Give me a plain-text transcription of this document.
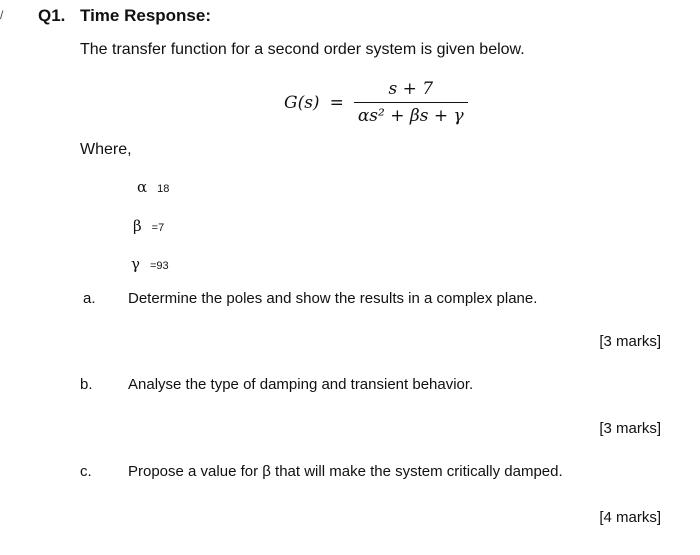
/ Q1. Time Response:
The transfer function for a second order system is given below.
$G(s) = \frac{s + 7}{\text{αs² + βs + γ}}$
Where,
α 18
β =7
γ =93
a. Determine the poles and show the results in a complex plane.
[3 marks]
b. Analyse the type of damping and transient behavior.
[3 marks]
c. Propose a value for β that will make the system critically damped.
[4 marks]
